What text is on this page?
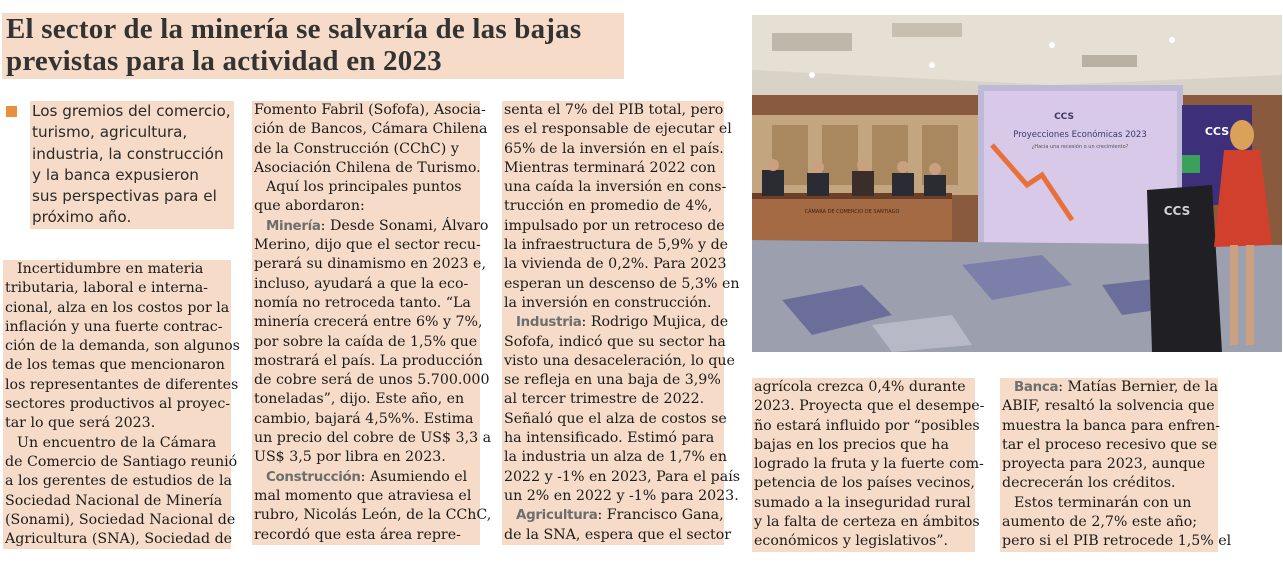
El sector de la minería se salvaría de las bajas
previstas para la actividad en 2023
Los gremios del comercio,
turismo, agricultura,
industria, la construcción
y la banca expusieron
sus perspectivas para el
próximo año.
Incertidumbre en materia
tributaria, laboral e interna-
cional, alza en los costos por la
inflación y una fuerte contrac-
ción de la demanda, son algunos
de los temas que mencionaron
los representantes de diferentes
sectores productivos al proyec-
tar lo que será 2023.
Un encuentro de la Cámara
de Comercio de Santiago reunió
a los gerentes de estudios de la
Sociedad Nacional de Minería
(Sonami), Sociedad Nacional de
Agricultura (SNA), Sociedad de
Fomento Fabril (Sofofa), Asocia-
ción de Bancos, Cámara Chilena
de la Construcción (CChC) y
Asociación Chilena de Turismo.
Aquí los principales puntos
que abordaron:
Minería: Desde Sonami, Álvaro
Merino, dijo que el sector recu-
perará su dinamismo en 2023 e,
incluso, ayudará a que la eco-
nomía no retroceda tanto. “La
minería crecerá entre 6% y 7%,
por sobre la caída de 1,5% que
mostrará el país. La producción
de cobre será de unos 5.700.000
toneladas”, dijo. Este año, en
cambio, bajará 4,5%%. Estima
un precio del cobre de US$ 3,3 a
US$ 3,5 por libra en 2023.
Construcción: Asumiendo el
mal momento que atraviesa el
rubro, Nicolás León, de la CChC,
recordó que esta área repre-
senta el 7% del PIB total, pero
es el responsable de ejecutar el
65% de la inversión en el país.
Mientras terminará 2022 con
una caída la inversión en cons-
trucción en promedio de 4%,
impulsado por un retroceso de
la infraestructura de 5,9% y de
la vivienda de 0,2%. Para 2023
esperan un descenso de 5,3% en
la inversión en construcción.
Industria: Rodrigo Mujica, de
Sofofa, indicó que su sector ha
visto una desaceleración, lo que
se refleja en una baja de 3,9%
al tercer trimestre de 2022.
Señaló que el alza de costos se
ha intensificado. Estimó para
la industria un alza de 1,7% en
2022 y -1% en 2023, Para el país
un 2% en 2022 y -1% para 2023.
Agricultura: Francisco Gana,
de la SNA, espera que el sector
CCS
Proyecciones Económicas 2023
¿Hacia una recesión o un crecimiento?
CCS
CÁMARA DE COMERCIO DE SANTIAGO	CCS
agrícola crezca 0,4% durante
2023. Proyecta que el desempe-
ño estará influido por “posibles
bajas en los precios que ha
logrado la fruta y la fuerte com-
petencia de los países vecinos,
sumado a la inseguridad rural
y la falta de certeza en ámbitos
económicos y legislativos”.
Banca: Matías Bernier, de la
ABIF, resaltó la solvencia que
muestra la banca para enfren-
tar el proceso recesivo que se
proyecta para 2023, aunque
decrecerán los créditos.
Estos terminarán con un
aumento de 2,7% este año;
pero si el PIB retrocede 1,5% el
